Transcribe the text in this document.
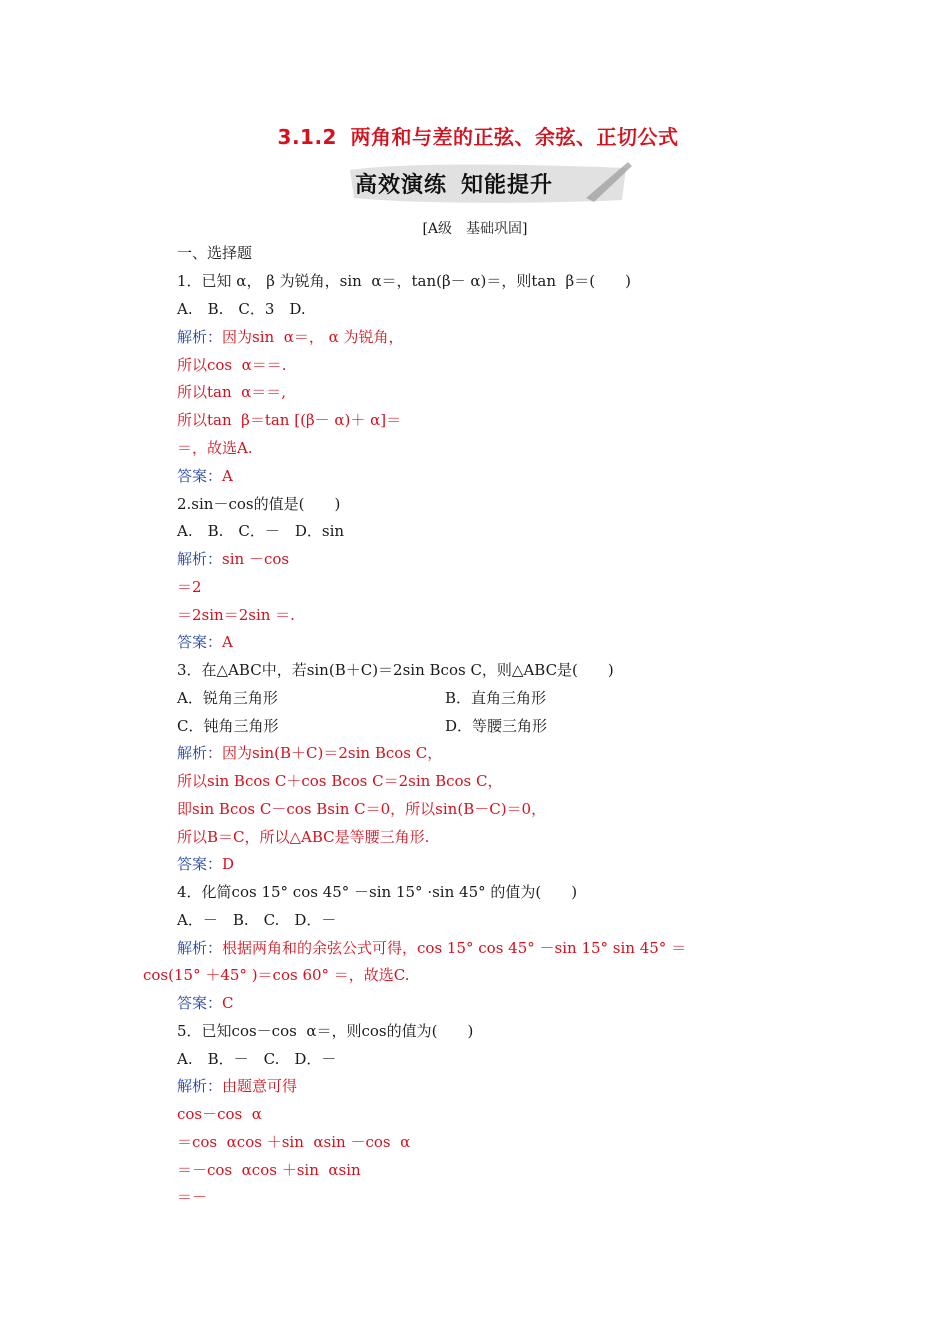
3.1.2 两角和与差的正弦、余弦、正切公式
高效演练 知能提升
[A级　基础巩固]
一、选择题
1．已知 α， β 为锐角，sin  α＝，tan(β－ α)＝，则tan  β＝(　　)
A.　B.　C．3　D.
解析：因为sin  α＝， α 为锐角，
所以cos  α＝＝.
所以tan  α＝＝,
所以tan  β＝tan [(β－ α)＋ α]＝
＝，故选A.
答案：A
2.sin－cos的值是(　　)
A.　B.　C．－　D．sin
解析：sin －cos
＝2
＝2sin＝2sin ＝.
答案：A
3．在△ABC中，若sin(B＋C)＝2sin Bcos C，则△ABC是(　　)
A．锐角三角形	B．直角三角形
C．钝角三角形	D．等腰三角形
解析：因为sin(B＋C)＝2sin Bcos C，
所以sin Bcos C＋cos Bcos C＝2sin Bcos C，
即sin Bcos C－cos Bsin C＝0，所以sin(B－C)＝0，
所以B＝C，所以△ABC是等腰三角形.
答案：D
4．化简cos 15° cos 45° －sin 15° ·sin 45° 的值为(　　)
A．－　B.　C.　D．－
解析：根据两角和的余弦公式可得，cos 15° cos 45° －sin 15° sin 45° ＝
cos(15° ＋45° )＝cos 60° ＝，故选C.
答案：C
5．已知cos－cos  α＝，则cos的值为(　　)
A.　B．－　C.　D．－
解析：由题意可得
cos－cos  α
＝cos  αcos ＋sin  αsin －cos  α
＝－cos  αcos ＋sin  αsin
＝－
